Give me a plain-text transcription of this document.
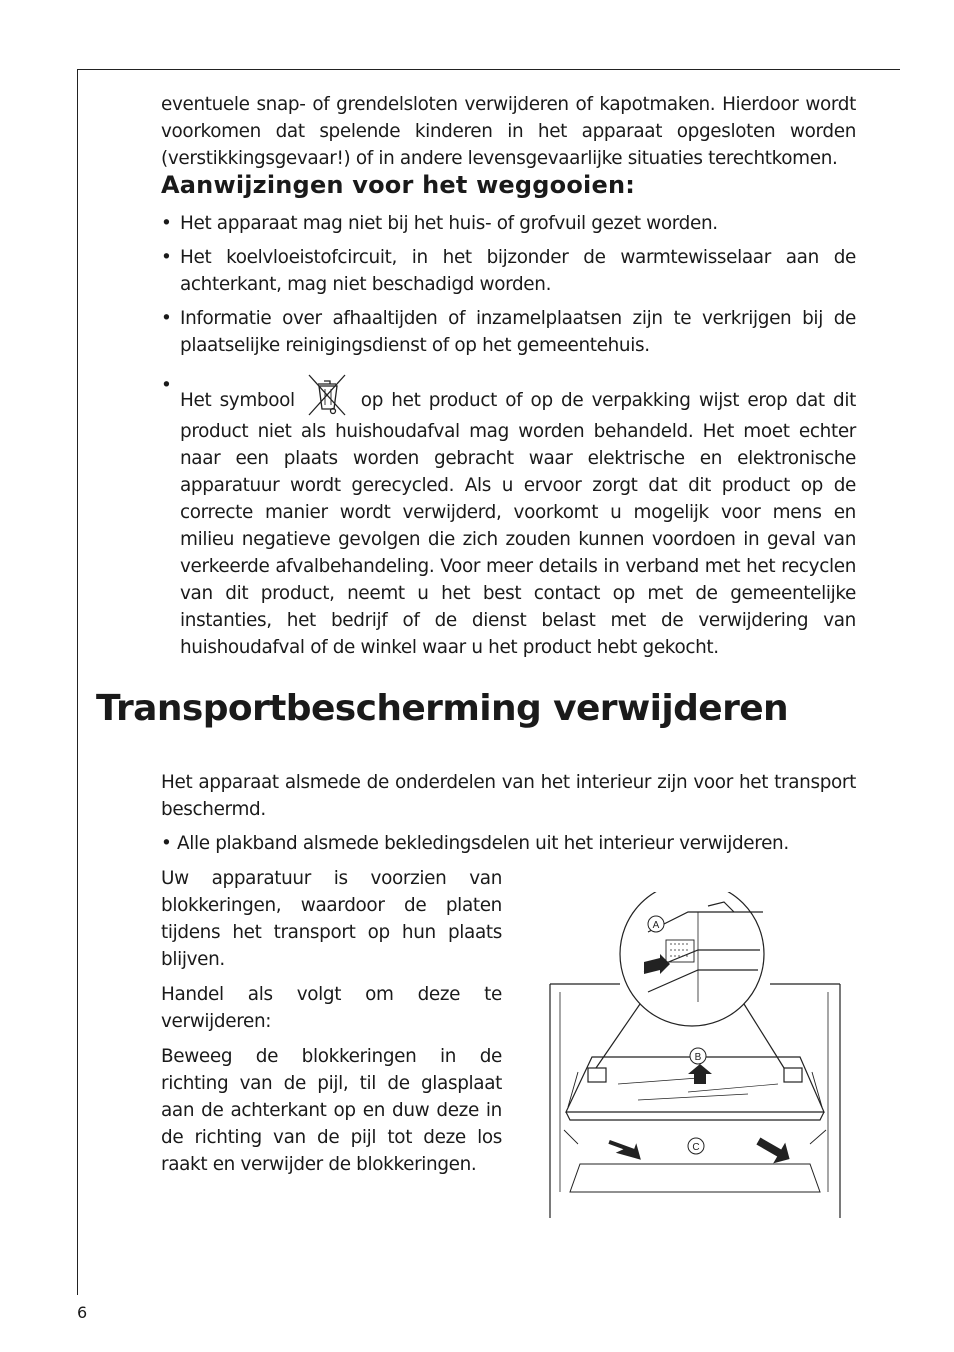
eventuele snap- of grendelsloten verwijderen of kapotmaken. Hierdoor wordt voorkomen dat spelende kinderen in het apparaat opgesloten worden (verstikkingsgevaar!) of in andere levensgevaarlijke situaties terechtkomen.

Aanwijzingen voor het weggooien:
• Het apparaat mag niet bij het huis- of grofvuil gezet worden.
• Het koelvloeistofcircuit, in het bijzonder de warmtewisselaar aan de achterkant, mag niet beschadigd worden.
• Informatie over afhaaltijden of inzamelplaatsen zijn te verkrijgen bij de plaatselijke reinigingsdienst of op het gemeentehuis.
•
Het symbool	op het product of op de verpakking wijst erop dat dit product niet als huishoudafval mag worden behandeld. Het moet echter naar een plaats worden gebracht waar elektrische en elektronische apparatuur wordt gerecycled. Als u ervoor zorgt dat dit product op de correcte manier wordt verwijderd, voorkomt u mogelijk voor mens en milieu negatieve gevolgen die zich zouden kunnen voordoen in geval van verkeerde afvalbehandeling. Voor meer details in verband met het recyclen van dit product, neemt u het best contact op met de gemeentelijke instanties, het bedrijf of de dienst belast met de verwijdering van huishoudafval of de winkel waar u het product hebt gekocht.
Transportbescherming verwijderen

Het apparaat alsmede de onderdelen van het interieur zijn voor het transport beschermd.

• Alle plakband alsmede bekledingsdelen uit het interieur verwijderen.

Uw apparatuur is voorzien van blokkeringen, waardoor de platen tijdens het transport op hun plaats blijven.

Handel als volgt om deze te verwijderen:

Beweeg de blokkeringen in de richting van de pijl, til de glasplaat aan de achterkant op en duw deze in de richting van de pijl tot deze los raakt en verwijder de blokkeringen.

A
B
C
6
